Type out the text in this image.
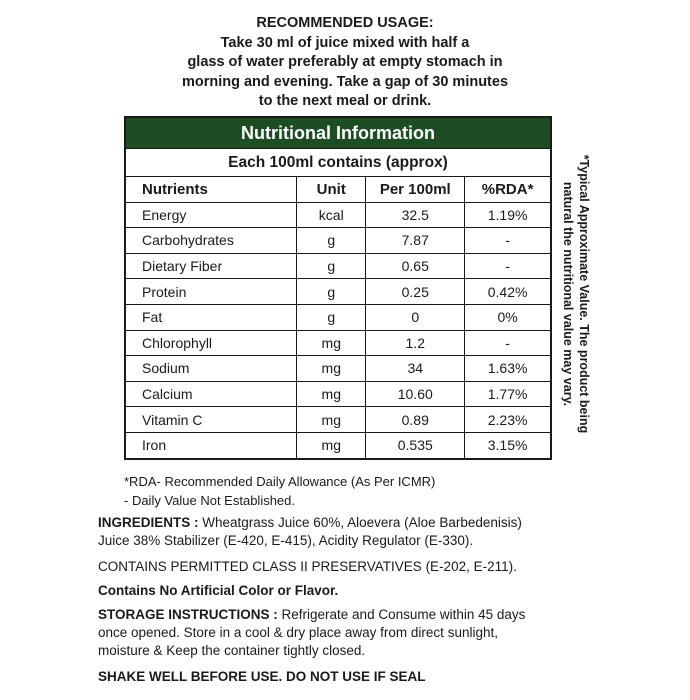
RECOMMENDED USAGE:
Take 30 ml of juice mixed with half a
glass of water preferably at empty stomach in
morning and evening. Take a gap of 30 minutes
to the next meal or drink.
Nutritional Information
Each 100ml contains (approx)
Nutrients	Unit	Per 100ml	%RDA*
Energy	kcal	32.5	1.19%
Carbohydrates	g	7.87	-
Dietary Fiber	g	0.65	-
Protein	g	0.25	0.42%
Fat	g	0	0%
Chlorophyll	mg	1.2	-
Sodium	mg	34	1.63%
Calcium	mg	10.60	1.77%
Vitamin C	mg	0.89	2.23%
Iron	mg	0.535	3.15%
*Typical Approximate Value. The product being
natural the nutritional value may vary.
*RDA- Recommended Daily Allowance (As Per ICMR)
- Daily Value Not Established.
INGREDIENTS : Wheatgrass Juice 60%, Aloevera (Aloe Barbedenisis)
Juice 38% Stabilizer (E-420, E-415), Acidity Regulator (E-330).
CONTAINS PERMITTED CLASS II PRESERVATIVES (E-202, E-211).
Contains No Artificial Color or Flavor.
STORAGE INSTRUCTIONS : Refrigerate and Consume within 45 days
once opened. Store in a cool & dry place away from direct sunlight,
moisture & Keep the container tightly closed.
SHAKE WELL BEFORE USE. DO NOT USE IF SEAL
